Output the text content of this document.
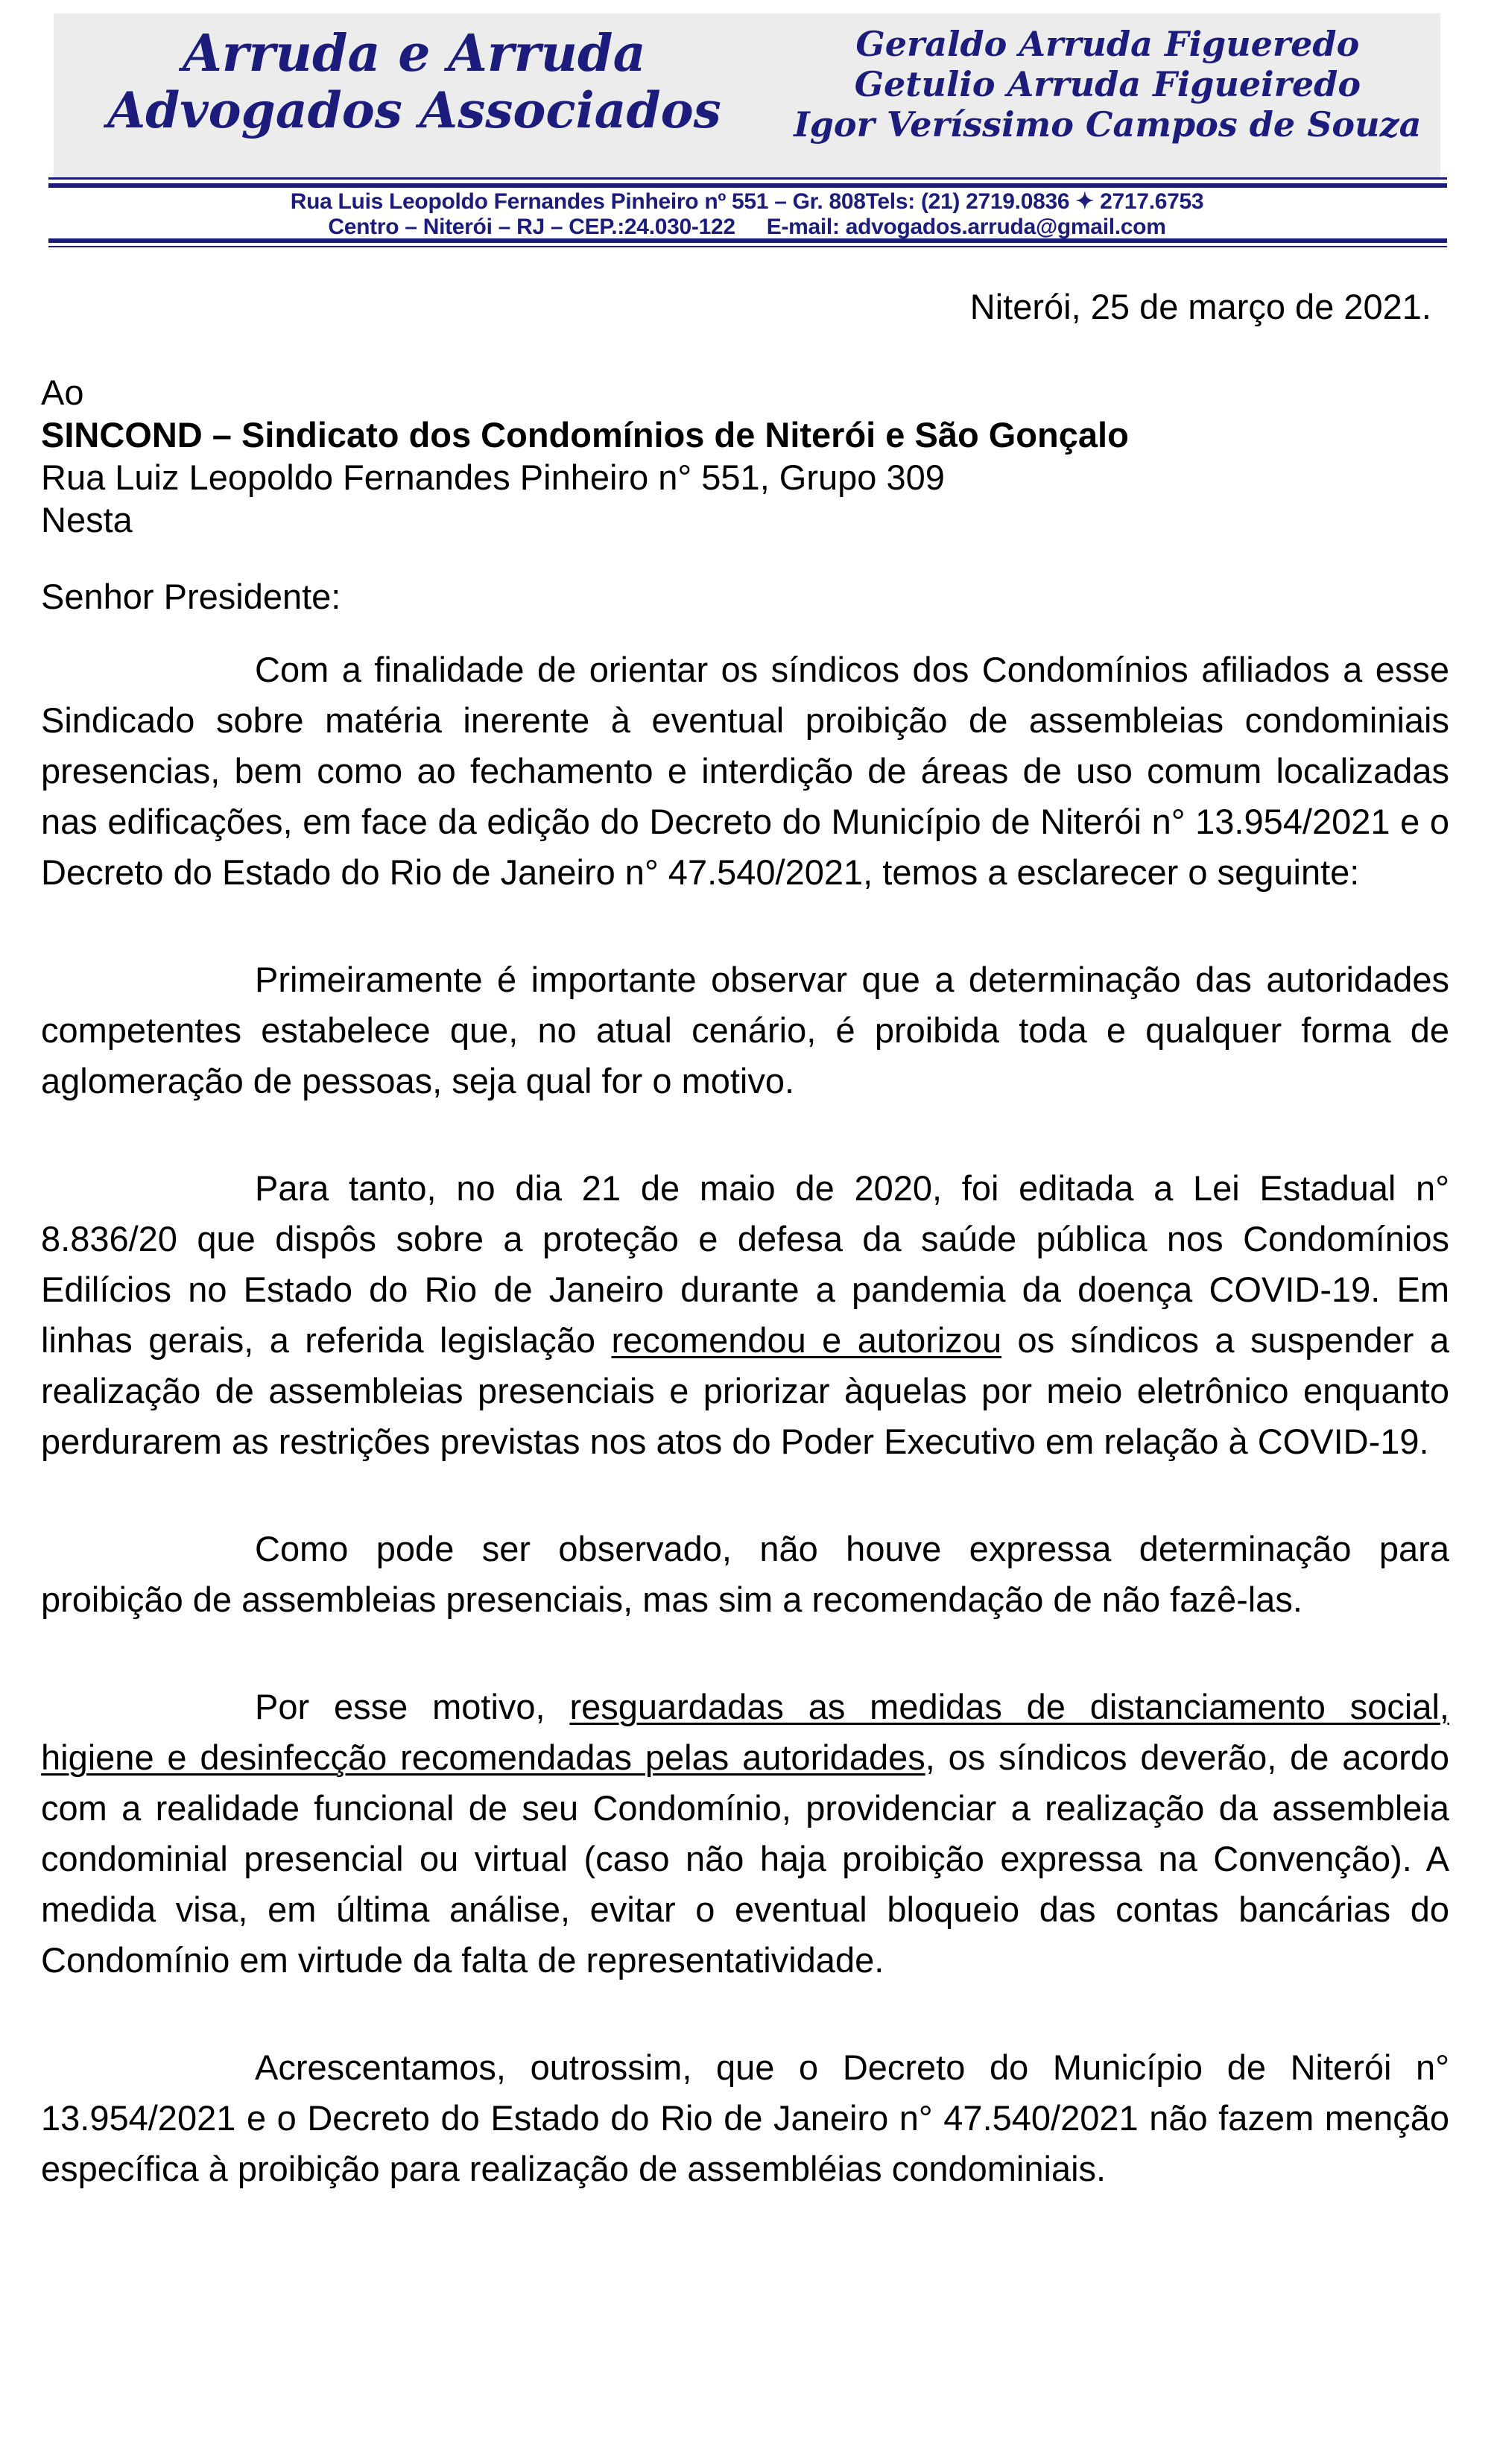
Arruda e Arruda
Advogados Associados
Geraldo Arruda Figueredo
Getulio Arruda Figueiredo
Igor Veríssimo Campos de Souza
Rua Luis Leopoldo Fernandes Pinheiro nº 551 – Gr. 808Tels: (21) 2719.0836 ✦ 2717.6753
Centro – Niterói – RJ – CEP.:24.030-122 E-mail: advogados.arruda@gmail.com
Niterói, 25 de março de 2021.
Ao
SINCOND – Sindicato dos Condomínios de Niterói e São Gonçalo
Rua Luiz Leopoldo Fernandes Pinheiro n° 551, Grupo 309
Nesta
Senhor Presidente:

Com a finalidade de orientar os síndicos dos Condomínios afiliados a esse Sindicado sobre matéria inerente à eventual proibição de assembleias condominiais presencias, bem como ao fechamento e interdição de áreas de uso comum localizadas nas edificações, em face da edição do Decreto do Município de Niterói n° 13.954/2021 e o Decreto do Estado do Rio de Janeiro n° 47.540/2021, temos a esclarecer o seguinte:

Primeiramente é importante observar que a determinação das autoridades competentes estabelece que, no atual cenário, é proibida toda e qualquer forma de aglomeração de pessoas, seja qual for o motivo.

Para tanto, no dia 21 de maio de 2020, foi editada a Lei Estadual n° 8.836/20 que dispôs sobre a proteção e defesa da saúde pública nos Condomínios Edilícios no Estado do Rio de Janeiro durante a pandemia da doença COVID-19. Em linhas gerais, a referida legislação recomendou e autorizou os síndicos a suspender a realização de assembleias presenciais e priorizar àquelas por meio eletrônico enquanto perdurarem as restrições previstas nos atos do Poder Executivo em relação à COVID-19.

Como pode ser observado, não houve expressa determinação para proibição de assembleias presenciais, mas sim a recomendação de não fazê-las.

Por esse motivo, resguardadas as medidas de distanciamento social, higiene e desinfecção recomendadas pelas autoridades, os síndicos deverão, de acordo com a realidade funcional de seu Condomínio, providenciar a realização da assembleia condominial presencial ou virtual (caso não haja proibição expressa na Convenção). A medida visa, em última análise, evitar o eventual bloqueio das contas bancárias do Condomínio em virtude da falta de representatividade.

Acrescentamos, outrossim, que o Decreto do Município de Niterói n° 13.954/2021 e o Decreto do Estado do Rio de Janeiro n° 47.540/2021 não fazem menção específica à proibição para realização de assembléias condominiais.
